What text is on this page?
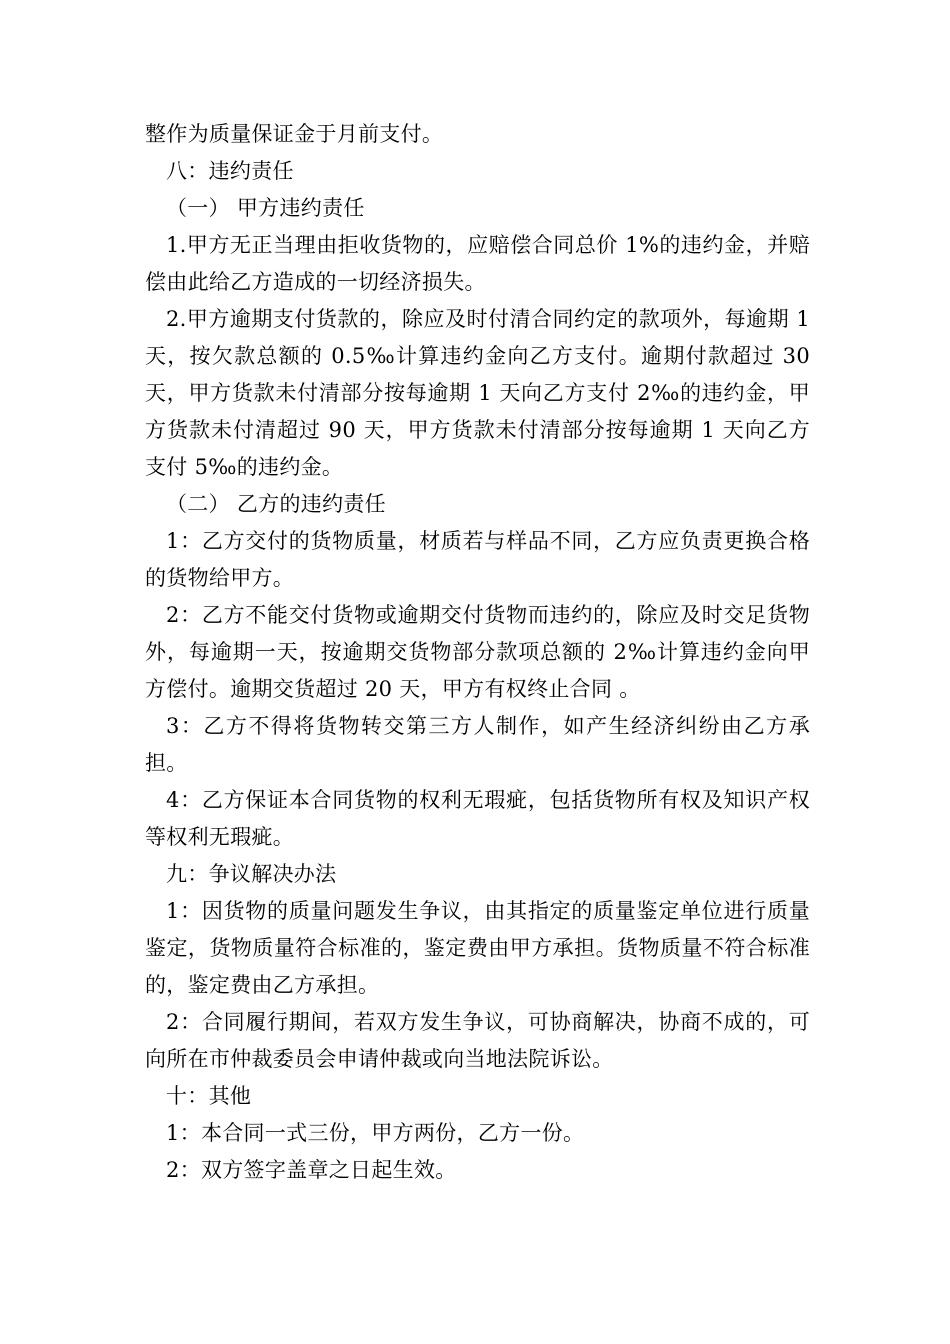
整作为质量保证金于月前支付。

八：违约责任

（一） 甲方违约责任

1.甲方无正当理由拒收货物的，应赔偿合同总价 1%的违约金，并赔偿由此给乙方造成的一切经济损失。

2.甲方逾期支付货款的，除应及时付清合同约定的款项外，每逾期 1 天，按欠款总额的 0.5‰计算违约金向乙方支付。逾期付款超过 30 天，甲方货款未付清部分按每逾期 1 天向乙方支付 2‰的违约金，甲方货款未付清超过 90 天，甲方货款未付清部分按每逾期 1 天向乙方支付 5‰的违约金。

（二） 乙方的违约责任

1：乙方交付的货物质量，材质若与样品不同，乙方应负责更换合格的货物给甲方。

2：乙方不能交付货物或逾期交付货物而违约的，除应及时交足货物外，每逾期一天，按逾期交货物部分款项总额的 2‰计算违约金向甲方偿付。逾期交货超过 20 天，甲方有权终止合同 。

3：乙方不得将货物转交第三方人制作，如产生经济纠纷由乙方承担。

4：乙方保证本合同货物的权利无瑕疵，包括货物所有权及知识产权等权利无瑕疵。

九：争议解决办法

1：因货物的质量问题发生争议，由其指定的质量鉴定单位进行质量鉴定，货物质量符合标准的，鉴定费由甲方承担。货物质量不符合标准的，鉴定费由乙方承担。

2：合同履行期间，若双方发生争议，可协商解决，协商不成的，可向所在市仲裁委员会申请仲裁或向当地法院诉讼。

十：其他

1：本合同一式三份，甲方两份，乙方一份。

2：双方签字盖章之日起生效。
